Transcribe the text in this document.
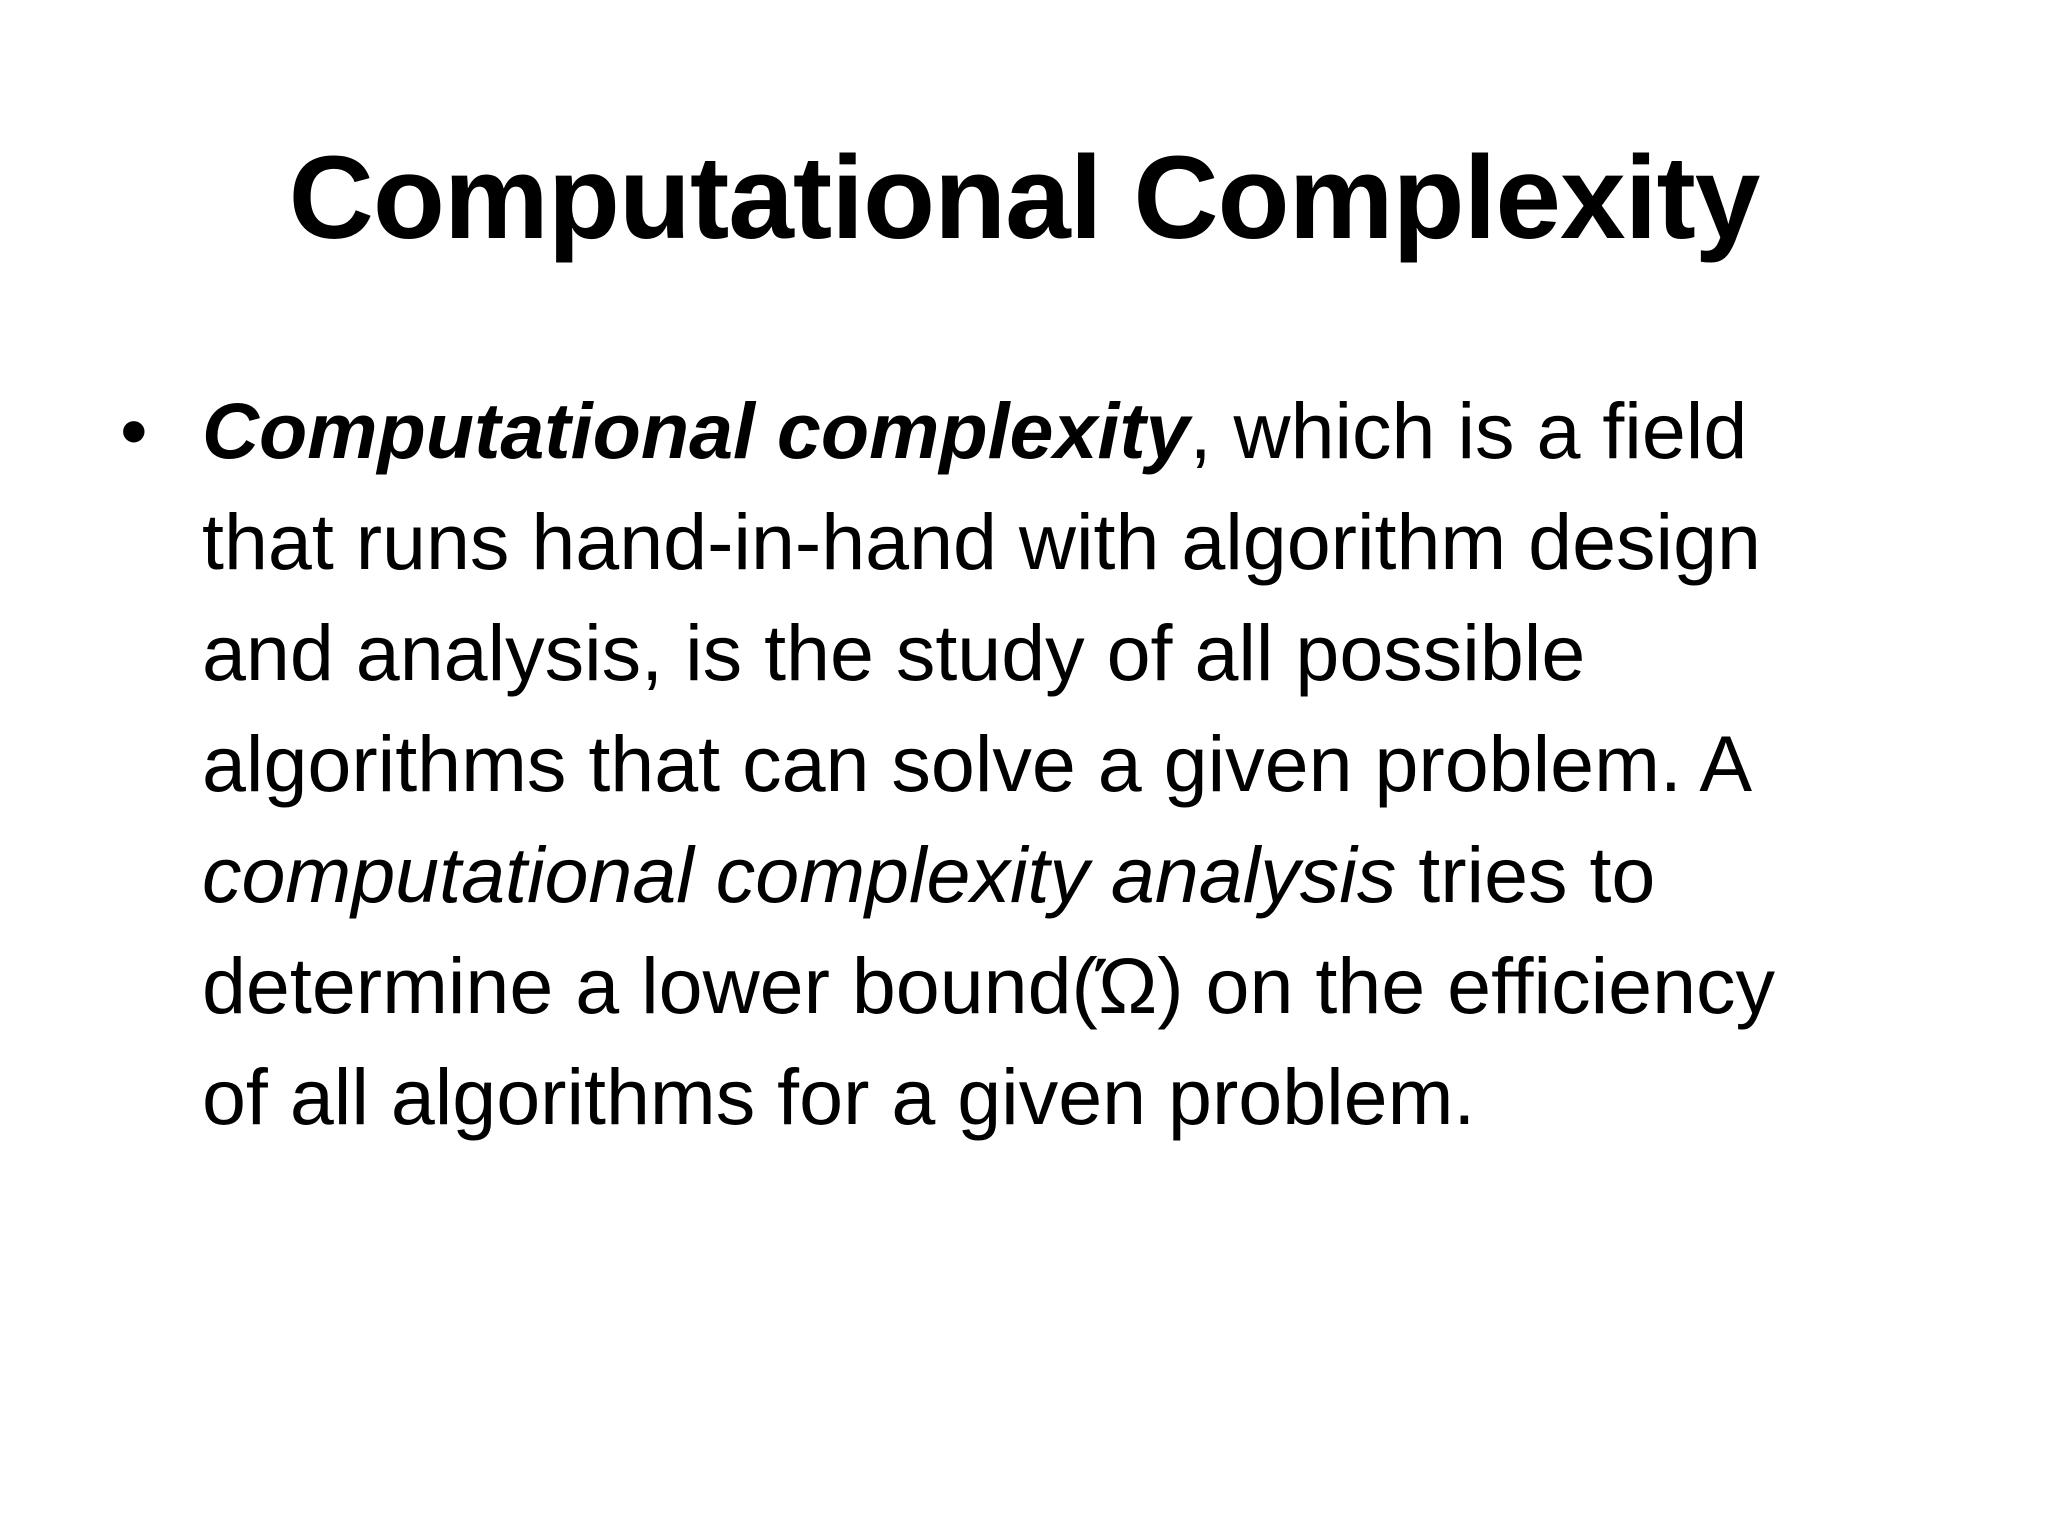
Computational Complexity
• Computational complexity, which is a field
that runs hand-in-hand with algorithm design
and analysis, is the study of all possible
algorithms that can solve a given problem. A
computational complexity analysis tries to
determine a lower bound(Ώ) on the efficiency
of all algorithms for a given problem.
